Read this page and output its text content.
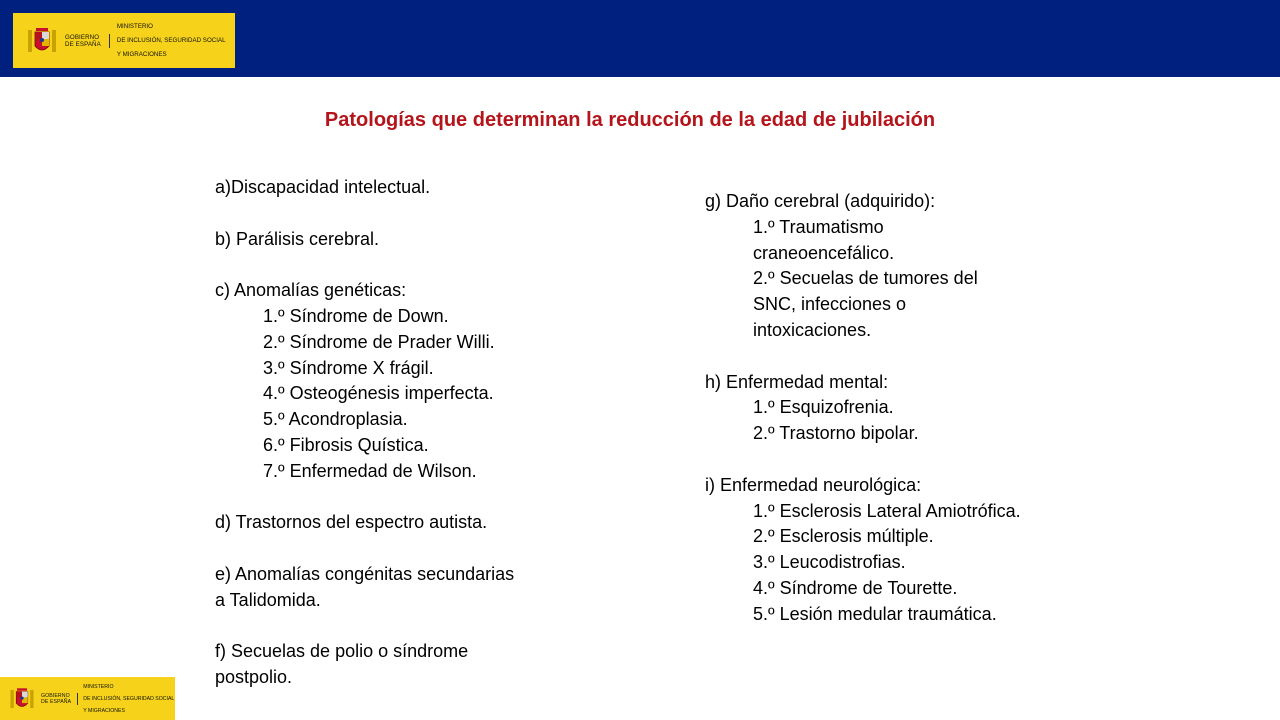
GOBIERNO
DE ESPAÑA

MINISTERIO

DE INCLUSIÓN, SEGURIDAD SOCIAL

Y MIGRACIONES

Patologías que determinan la reducción de la edad de jubilación
a)Discapacidad intelectual.
b) Parálisis cerebral.
c) Anomalías genéticas:
1.º Síndrome de Down.
2.º Síndrome de Prader Willi.
3.º Síndrome X frágil.
4.º Osteogénesis imperfecta.
5.º Acondroplasia.
6.º Fibrosis Quística.
7.º Enfermedad de Wilson.
d) Trastornos del espectro autista.
e) Anomalías congénitas secundarias a Talidomida.
f) Secuelas de polio o síndrome postpolio.
g) Daño cerebral (adquirido):
1.º Traumatismo craneoencefálico.
2.º Secuelas de tumores del SNC, infecciones o intoxicaciones.
h) Enfermedad mental:
1.º Esquizofrenia.
2.º Trastorno bipolar.
i) Enfermedad neurológica:
1.º Esclerosis Lateral Amiotrófica.
2.º Esclerosis múltiple.
3.º Leucodistrofias.
4.º Síndrome de Tourette.
5.º Lesión medular traumática.
GOBIERNO
DE ESPAÑA

MINISTERIO

DE INCLUSIÓN, SEGURIDAD SOCIAL

Y MIGRACIONES
